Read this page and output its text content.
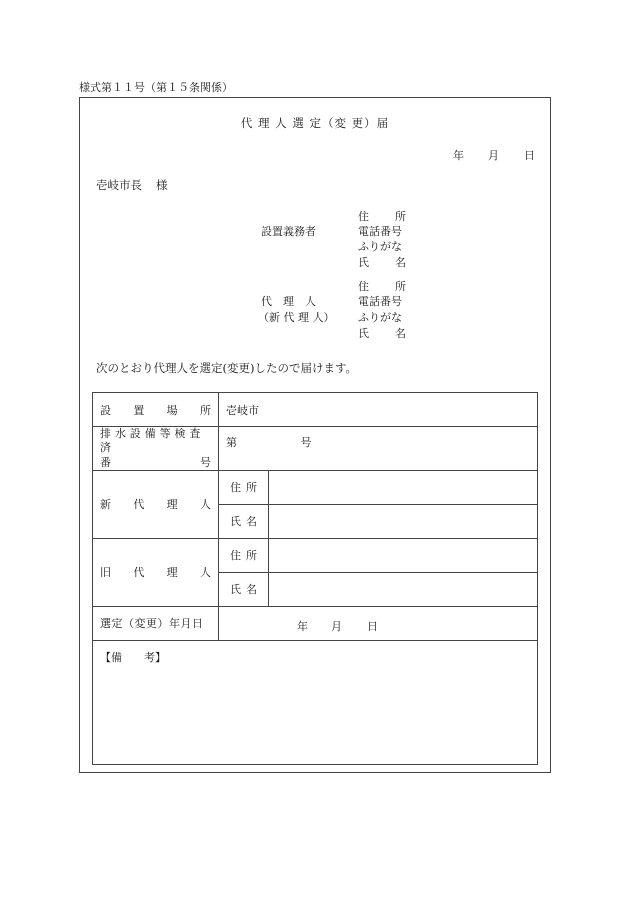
様式第１１号（第１５条関係）
代 理 人 選 定（変 更）届
年 月 日
壱岐市長 様
設置義務者
住 所
電話番号
ふりがな
氏 名
代　理　人
（新 代 理 人）
住 所
電話番号
ふりがな
氏 名
次のとおり代理人を選定(変更)したので届けます。
設 置 場 所	壱岐市	

排 水 設 備 等 検 査 済
番 号	第 号	

新 代 理 人	住 所	

	氏 名	

旧 代 理 人	住 所	

	氏 名	

選定（変更）年月日	年 月 日	

【備　　考】		
